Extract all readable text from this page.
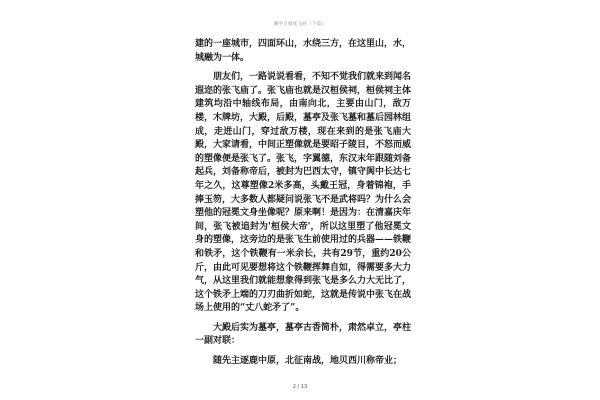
湘中古城张飞庙（下篇）

建的一座城市，四面环山，水绕三方，在这里山，水，城融为一体。

朋友们，一路说说看看，不知不觉我们就来到闻名遐迩的张飞庙了。张飞庙也就是汉桓侯祠，桓侯祠主体建筑均沿中轴线布局，由南向北，主要由山门，敌万楼，木牌坊，大殿，后殿，墓亭及张飞墓和墓后园林组成，走进山门，穿过敌万楼，现在来到的是张飞庙大殿，大家请看，中间正塑像就是要昭子陵目，不怒而威的塑像便是张飞了。张飞，字翼德，东汉末年跟随刘备起兵，刘备称帝后，被封为巴西太守，镇守阆中长达七年之久，这尊塑像2米多高，头戴王冠，身着锦袍，手捧玉笏，大多数人都疑问说张飞不是武将吗？为什么会塑他的冠冕文身坐像呢？原来啊！是因为：在清嘉庆年间，张飞被追封为'桓侯大帝'，所以这里塑了他冠冕文身的塑像，这旁边的是张飞生前使用过的兵器——铁鞭和铁矛，这个铁鞭有一米余长，共有29节，重约20公斤，由此可见要想将这个铁鞭挥舞自如，得需要多大力气，从这里我们就能想象得到张飞是多么力大无比了，这个铁矛上端的刀刃曲折如蛇，这就是传说中张飞在战场上使用的“丈八蛇矛了”。

大殿后实为墓亭，墓亭古香简朴，肃然卓立，亭柱一副对联：

随先主逐鹿中原，北征南战，地贝西川称帝业；

2 / 13
